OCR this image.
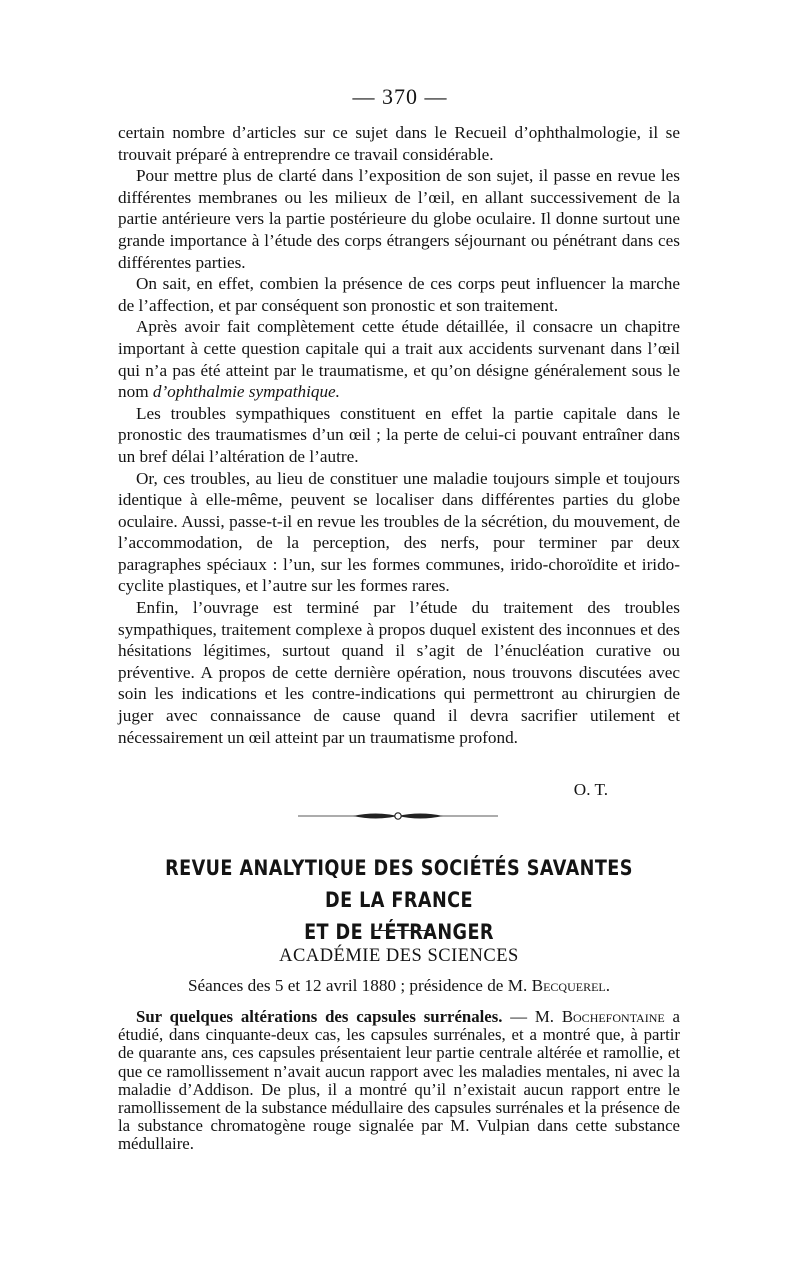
— 370 —

certain nombre d’articles sur ce sujet dans le Recueil d’ophthalmologie, il se trouvait préparé à entreprendre ce travail considérable.

Pour mettre plus de clarté dans l’exposition de son sujet, il passe en revue les différentes membranes ou les milieux de l’œil, en allant successivement de la partie antérieure vers la partie postérieure du globe oculaire. Il donne surtout une grande importance à l’étude des corps étrangers séjournant ou pénétrant dans ces différentes parties.

On sait, en effet, combien la présence de ces corps peut influencer la marche de l’affection, et par conséquent son pronostic et son traitement.

Après avoir fait complètement cette étude détaillée, il consacre un chapitre important à cette question capitale qui a trait aux accidents survenant dans l’œil qui n’a pas été atteint par le traumatisme, et qu’on désigne généralement sous le nom d’ophthalmie sympathique.

Les troubles sympathiques constituent en effet la partie capitale dans le pronostic des traumatismes d’un œil ; la perte de celui-ci pouvant entraîner dans un bref délai l’altération de l’autre.

Or, ces troubles, au lieu de constituer une maladie toujours simple et toujours identique à elle-même, peuvent se localiser dans différentes parties du globe oculaire. Aussi, passe-t-il en revue les troubles de la sécrétion, du mouvement, de l’accommodation, de la perception, des nerfs, pour terminer par deux paragraphes spéciaux : l’un, sur les formes communes, irido-choroïdite et irido-cyclite plastiques, et l’autre sur les formes rares.

Enfin, l’ouvrage est terminé par l’étude du traitement des troubles sympathiques, traitement complexe à propos duquel existent des inconnues et des hésitations légitimes, surtout quand il s’agit de l’énucléation curative ou préventive. A propos de cette dernière opération, nous trouvons discutées avec soin les indications et les contre-indications qui permettront au chirurgien de juger avec connaissance de cause quand il devra sacrifier utilement et nécessairement un œil atteint par un traumatisme profond.

O. T.
REVUE ANALYTIQUE DES SOCIÉTÉS SAVANTES DE LA FRANCE
ET DE L’ÉTRANGER
ACADÉMIE DES SCIENCES
Séances des 5 et 12 avril 1880 ; présidence de M. Becquerel.

Sur quelques altérations des capsules surrénales. — M. Bochefontaine a étudié, dans cinquante-deux cas, les capsules surrénales, et a montré que, à partir de quarante ans, ces capsules présentaient leur partie centrale altérée et ramollie, et que ce ramollissement n’avait aucun rapport avec les maladies mentales, ni avec la maladie d’Addison. De plus, il a montré qu’il n’existait aucun rapport entre le ramollissement de la substance médullaire des capsules surrénales et la présence de la substance chromatogène rouge signalée par M. Vulpian dans cette substance médullaire.
